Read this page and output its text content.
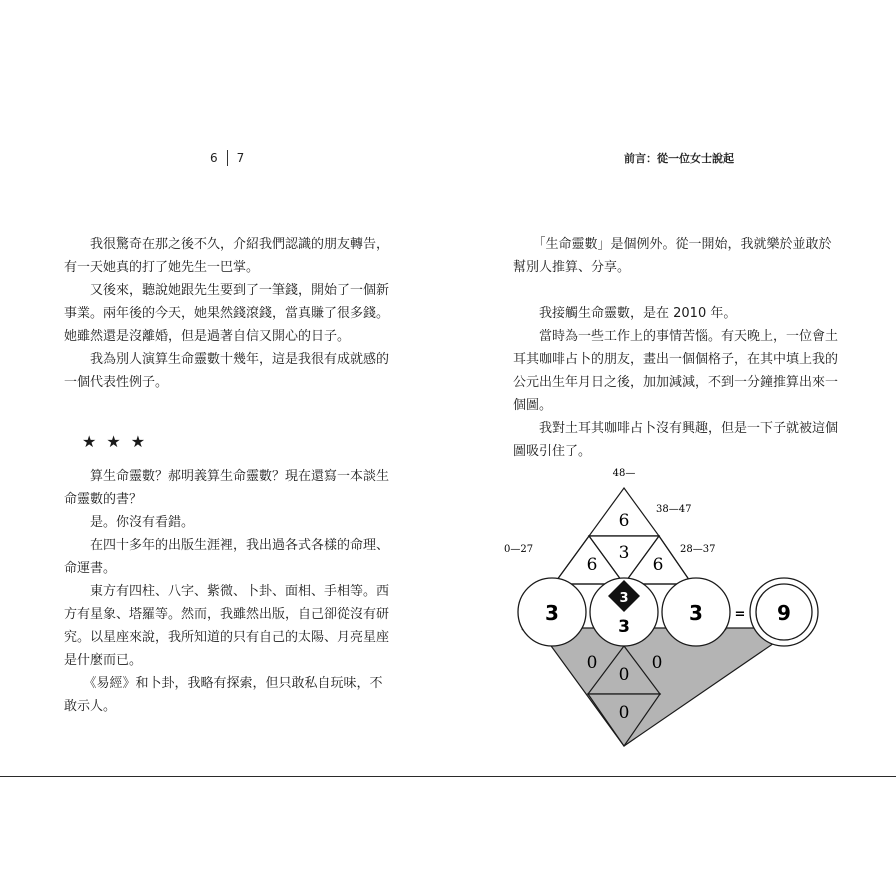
6 7

　　我很驚奇在那之後不久，介紹我們認識的朋友轉告，有一天她真的打了她先生一巴掌。

　　又後來，聽說她跟先生要到了一筆錢，開始了一個新事業。兩年後的今天，她果然錢滾錢，當真賺了很多錢。她雖然還是沒離婚，但是過著自信又開心的日子。

　　我為別人演算生命靈數十幾年，這是我很有成就感的一個代表性例子。

★★★

　　算生命靈數？郝明義算生命靈數？現在還寫一本談生命靈數的書？

　　是。你沒有看錯。

　　在四十多年的出版生涯裡，我出過各式各樣的命理、命運書。

　　東方有四柱、八字、紫微、卜卦、面相、手相等。西方有星象、塔羅等。然而，我雖然出版，自己卻從沒有研究。以星座來說，我所知道的只有自己的太陽、月亮星座是什麼而已。

　　《易經》和卜卦，我略有探索，但只敢私自玩味，不敢示人。

前言：從一位女士說起

　　「生命靈數」是個例外。從一開始，我就樂於並敢於幫別人推算、分享。

　　我接觸生命靈數，是在 2010 年。

　　當時為一些工作上的事情苦惱。有天晚上，一位會土耳其咖啡占卜的朋友，畫出一個個格子，在其中填上我的公元出生年月日之後，加加減減，不到一分鐘推算出來一個圖。

　　我對土耳其咖啡占卜沒有興趣，但是一下子就被這個圖吸引住了。

48—
38—47
0—27	28—37
6
3
6	6
3
3
3
3 = 9
0
0
0
0
